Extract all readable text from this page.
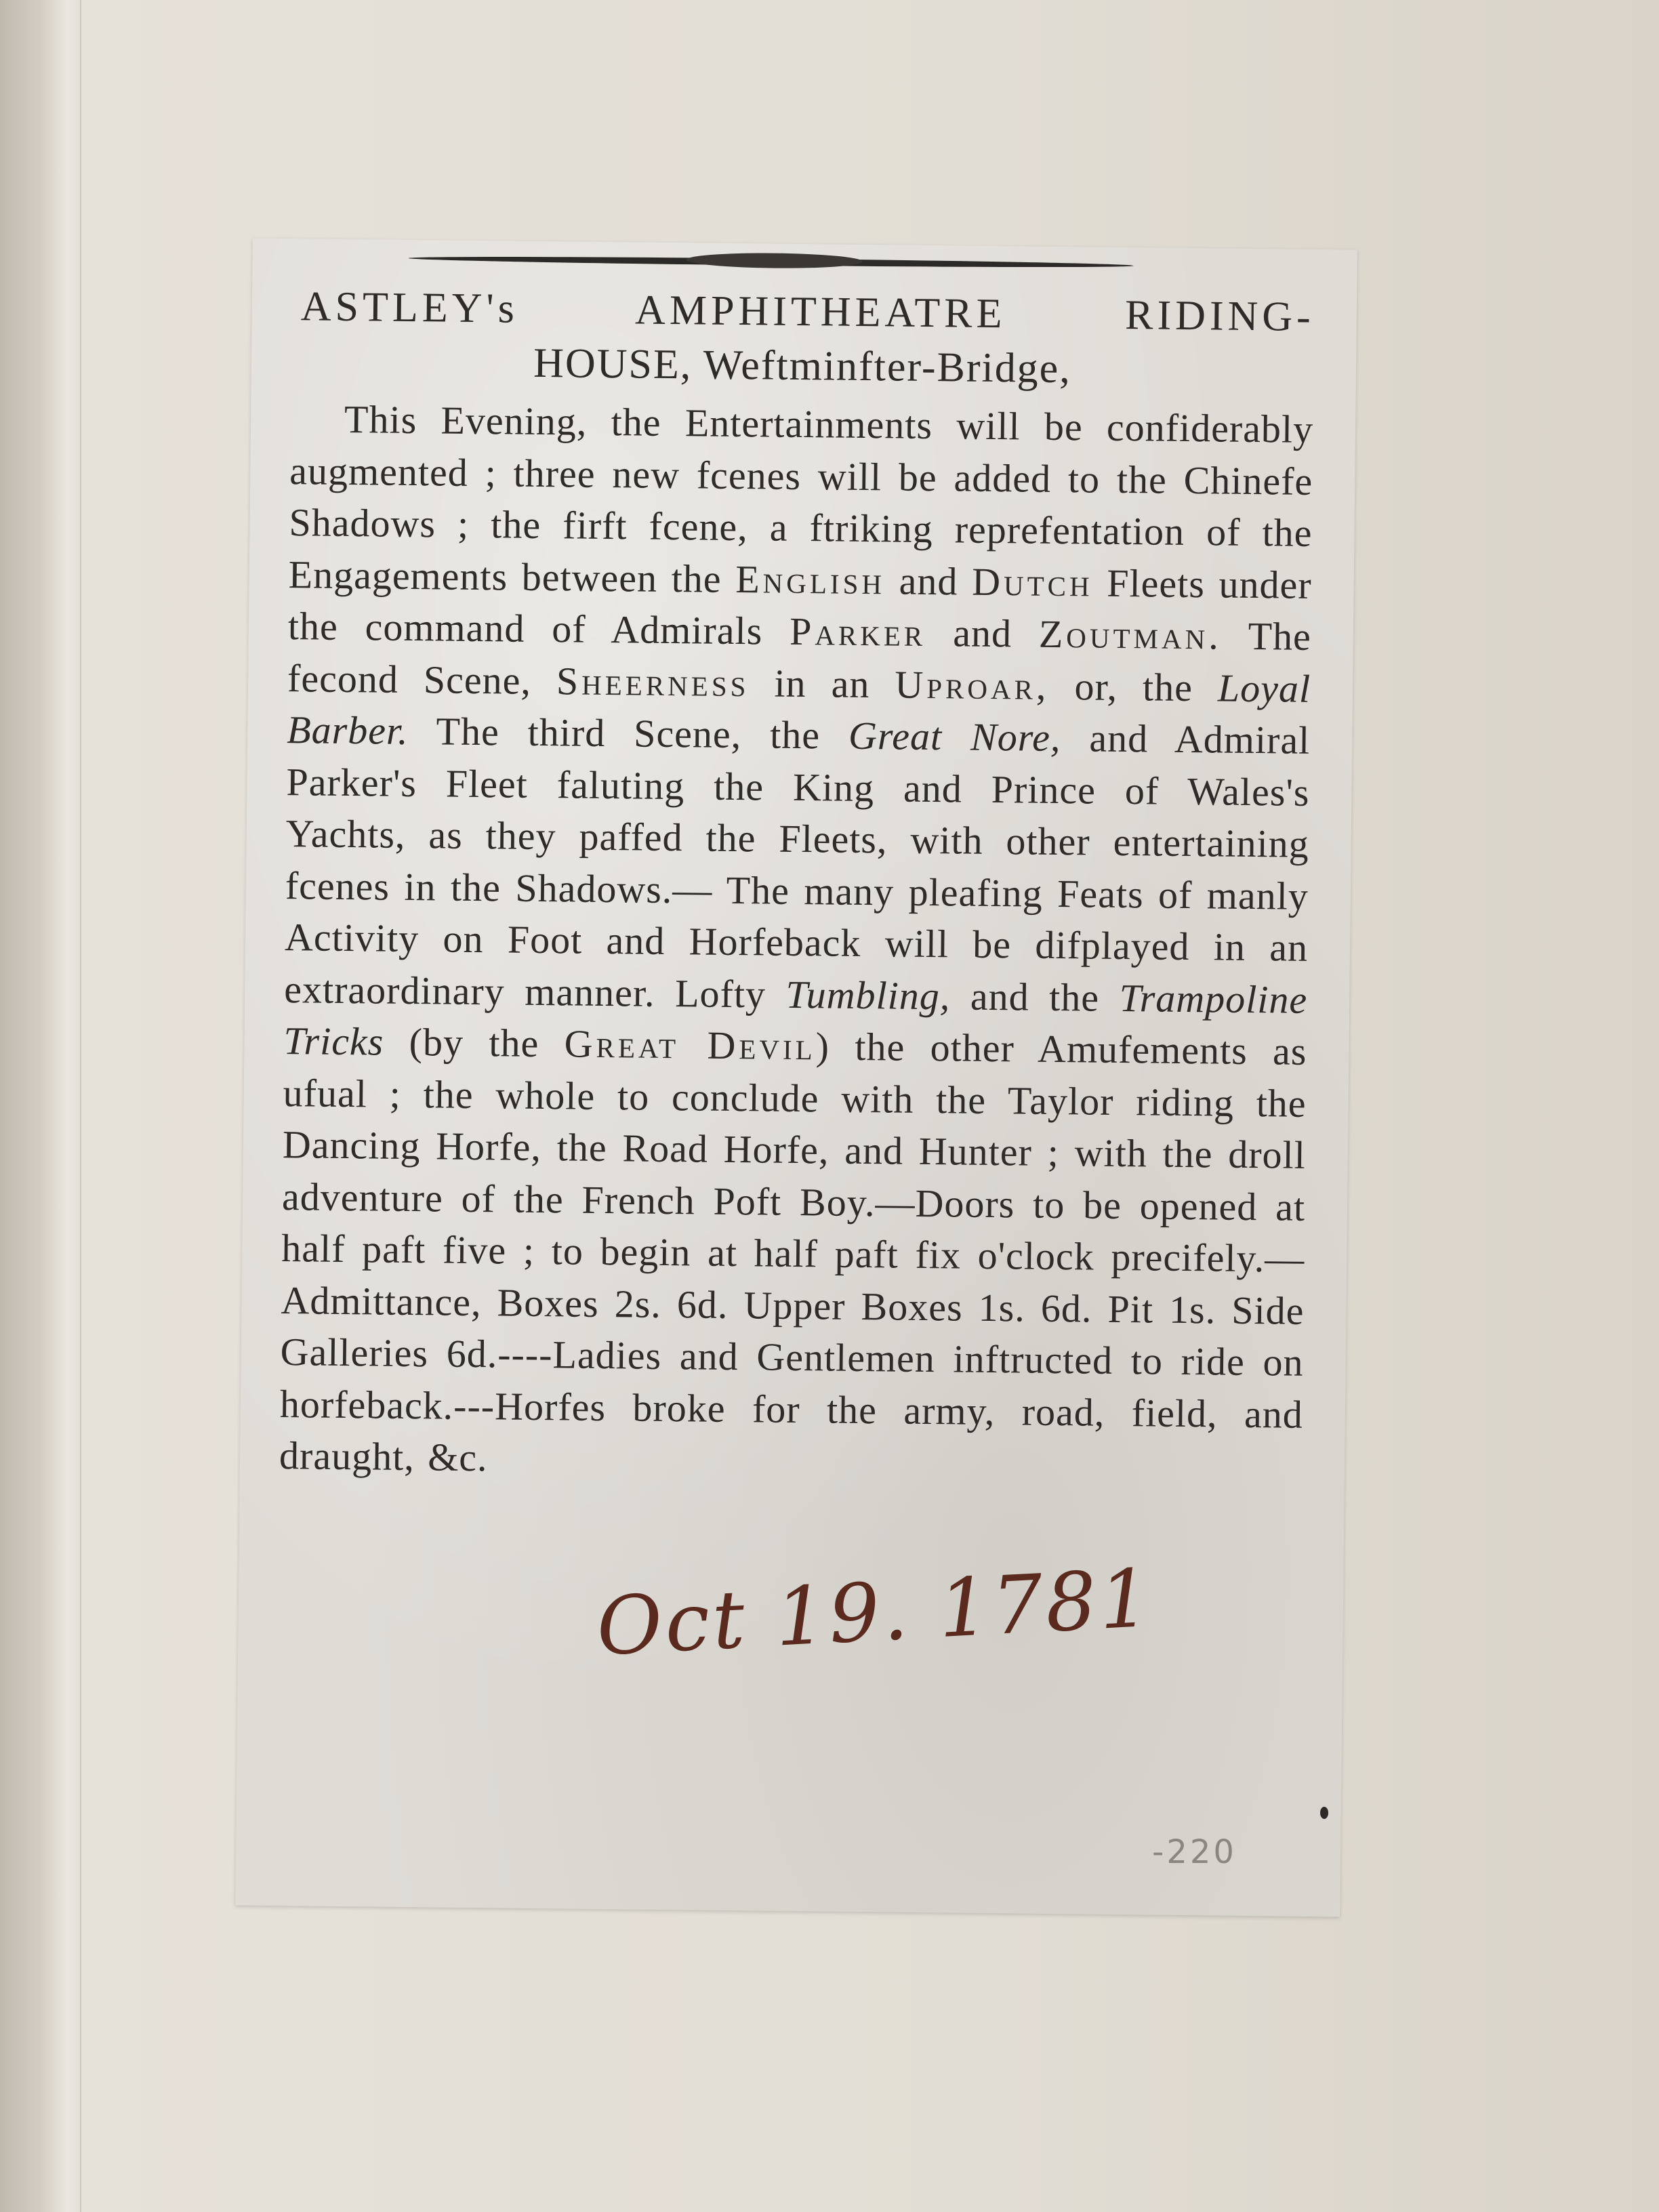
ASTLEY's AMPHITHEATRE RIDING-

HOUSE, Weftminfter-Bridge,

This Evening, the Entertainments will be confiderably augmented ; three new fcenes will be added to the Chinefe Shadows ; the firft fcene, a ftriking reprefentation of the Engagements between the English and Dutch Fleets under the command of Admirals Parker and Zoutman. The fecond Scene, Sheerness in an Uproar, or, the Loyal Barber. The third Scene, the Great Nore, and Admiral Parker's Fleet faluting the King and Prince of Wales's Yachts, as they paffed the Fleets, with other entertaining fcenes in the Shadows.— The many pleafing Feats of manly Activity on Foot and Horfeback will be difplayed in an extraordinary manner. Lofty Tumbling, and the Trampoline Tricks (by the Great Devil) the other Amufements as ufual ; the whole to conclude with the Taylor riding the Dancing Horfe, the Road Horfe, and Hunter ; with the droll adventure of the French Poft Boy.—Doors to be opened at half paft five ; to begin at half paft fix o'clock precifely.—Admittance, Boxes 2s. 6d. Upper Boxes 1s. 6d. Pit 1s. Side Galleries 6d.----Ladies and Gentlemen inftructed to ride on horfeback.---Horfes broke for the army, road, field, and draught, &c.

Oct 19. 1781
-220
